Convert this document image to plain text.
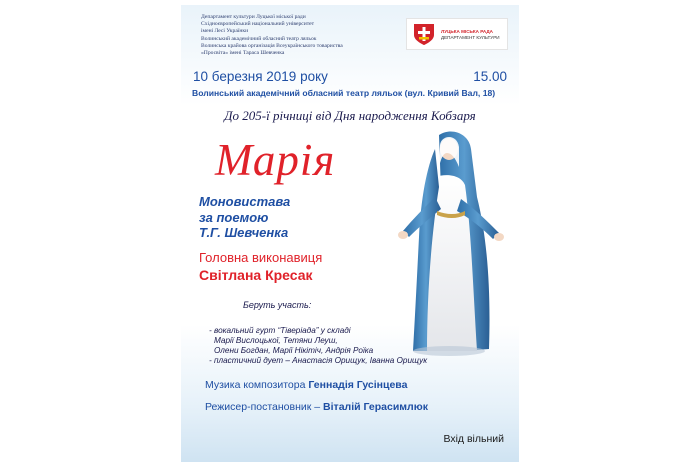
Департамент культури Луцької міської ради
Східноєвропейський національний університет
імені Лесі Українки
Волинський академічний обласний театр ляльок
Волинська крайова організація Всеукраїнського товариства
«Просвіта» імені Тараса Шевченка
ЛУЦЬКА МІСЬКА РАДА
ДЕПАРТАМЕНТ КУЛЬТУРИ
10 березня 2019 року	15.00
Волинський академічний обласний театр ляльок (вул. Кривий Вал, 18)
До 205-ї річниці від Дня народження Кобзаря
Марія
Моновистава
за поемою
Т.Г. Шевченка
Головна виконавиця
Світлана Кресак
Беруть участь:
- вокальний гурт “Тіверіада” у складі
Марії Вислоцької, Тетяни Леуш,
Олени Богдан, Марії Нікітіч, Андрія Роїка
- пластичний дует – Анастасія Орищук, Іванна Орищук
Музика композитора Геннадія Гусінцева
Режисер-постановник – Віталій Герасимлюк
Вхід вільний
